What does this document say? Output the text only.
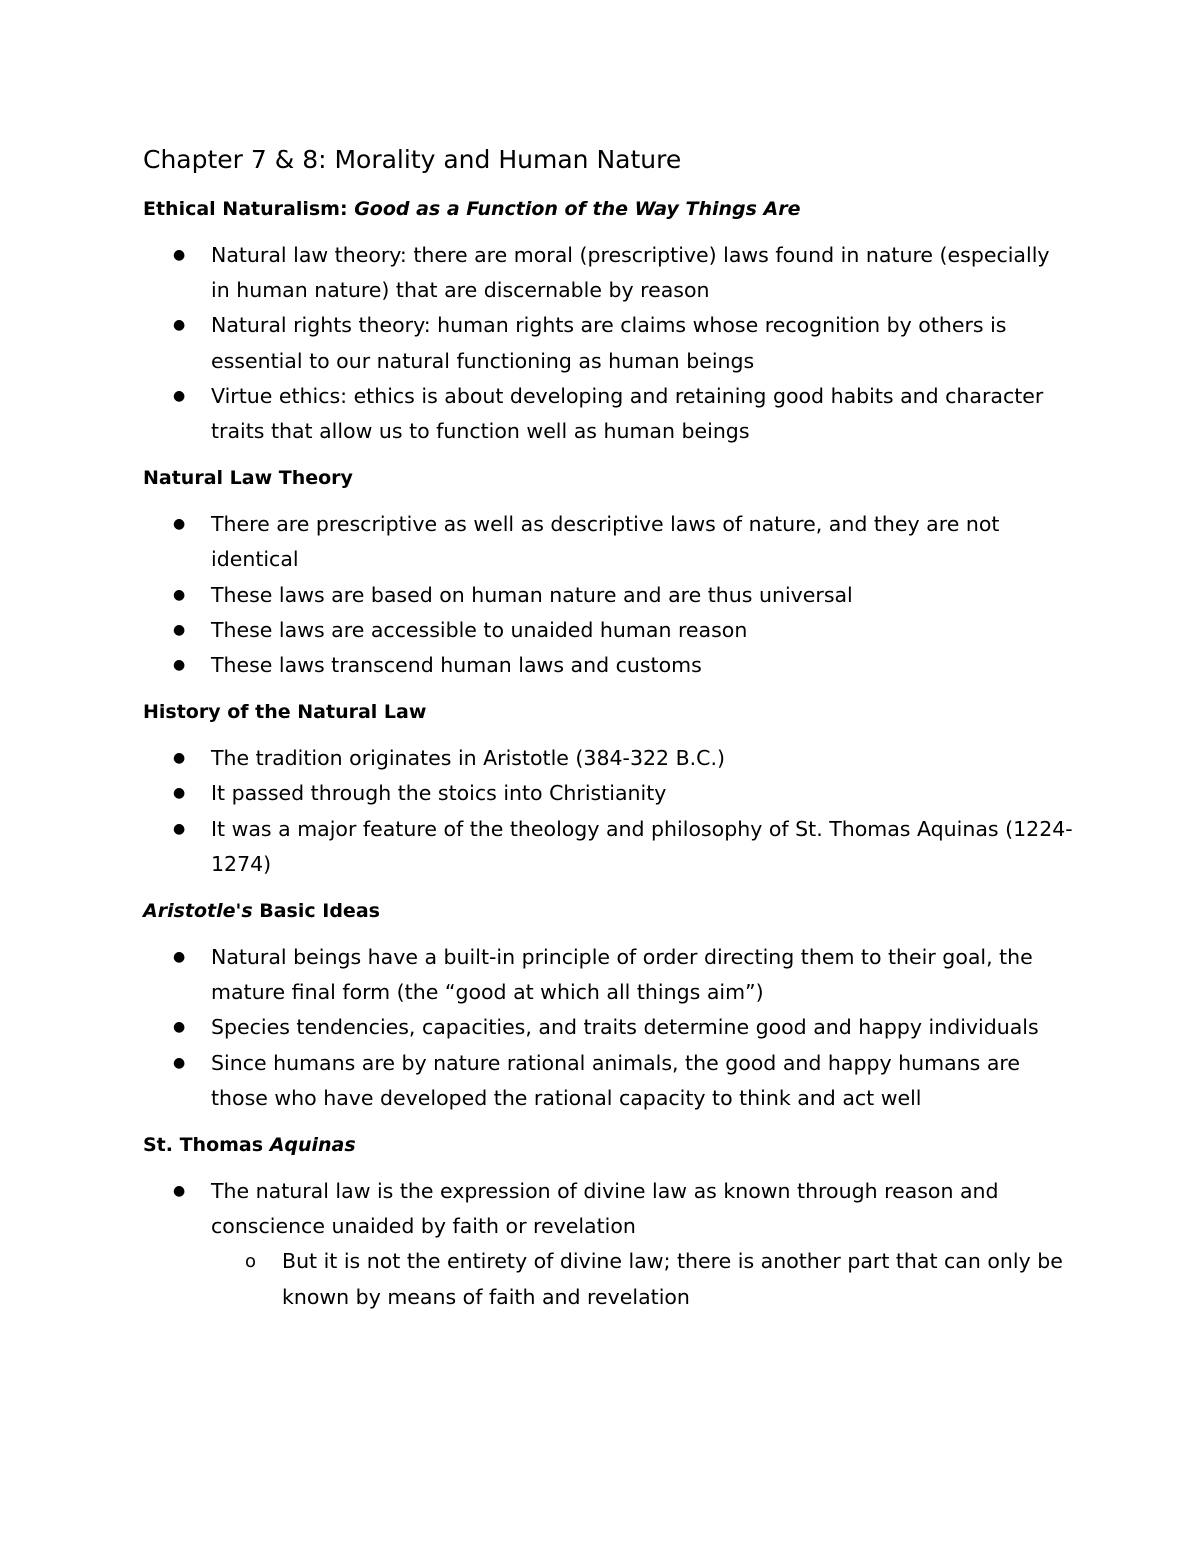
Chapter 7 & 8: Morality and Human Nature
Ethical Naturalism: Good as a Function of the Way Things Are
● Natural law theory: there are moral (prescriptive) laws found in nature (especially in human nature) that are discernable by reason
● Natural rights theory: human rights are claims whose recognition by others is essential to our natural functioning as human beings
● Virtue ethics: ethics is about developing and retaining good habits and character traits that allow us to function well as human beings
Natural Law Theory
● There are prescriptive as well as descriptive laws of nature, and they are not identical
● These laws are based on human nature and are thus universal
● These laws are accessible to unaided human reason
● These laws transcend human laws and customs
History of the Natural Law
● The tradition originates in Aristotle (384-322 B.C.)
● It passed through the stoics into Christianity
● It was a major feature of the theology and philosophy of St. Thomas Aquinas (1224-1274)
Aristotle's Basic Ideas
● Natural beings have a built-in principle of order directing them to their goal, the mature final form (the “good at which all things aim”)
● Species tendencies, capacities, and traits determine good and happy individuals
● Since humans are by nature rational animals, the good and happy humans are those who have developed the rational capacity to think and act well
St. Thomas Aquinas
● The natural law is the expression of divine law as known through reason and conscience unaided by faith or revelation
o But it is not the entirety of divine law; there is another part that can only be known by means of faith and revelation
